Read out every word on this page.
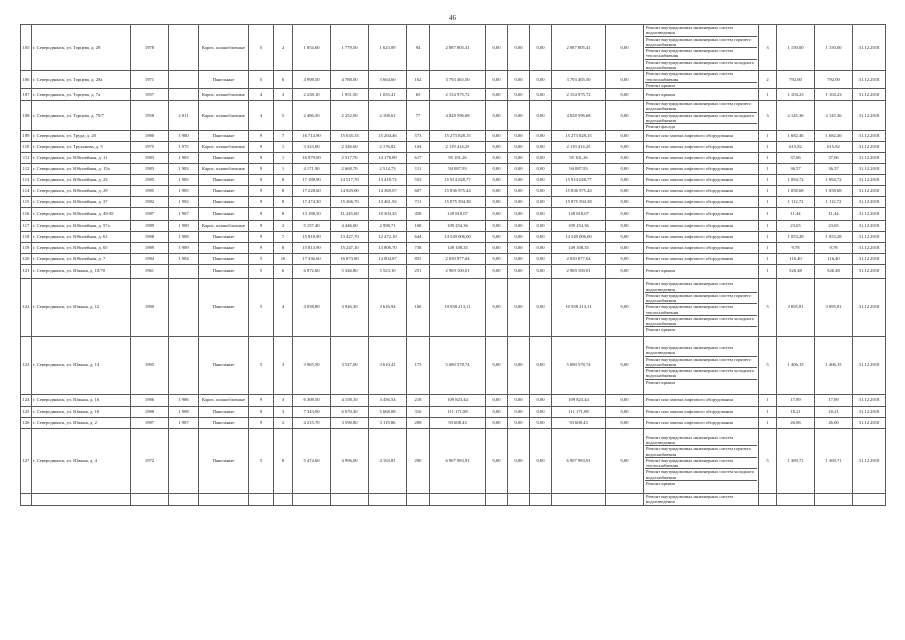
46
105	г. Северодвинск, ул. Торцева, д. 28	1978		Карпс. шлакоблочные	5	2	1 854,60	1 779,50	1 623,89	94	2 087 805,41	0,00	0,00	0,00	2 087 805,41	0,00	Ремонт внутридомовых инженерных систем водоотведения
Ремонт внутридомовых инженерных систем горячего водоснабжения
Ремонт внутридомовых инженерных систем теплоснабжения
Ремонт внутридомовых инженерных систем холодного водоснабжения	3	1 150,00	1 150,00	31.12.2018
106	г. Северодвинск, ул. Торцева, д. 28а	1971		Панельные	5	6	4 998,50	4 788,00	3 664,60	162	3 793 465,50	0,00	0,00	0,00	3 793 465,50	0,00	Ремонт внутридомовых инженерных систем теплоснабжения
Ремонт крыши	2	792,00	792,00	31.12.2018
107	г. Северодвинск, ул. Торцева, д. 7а	1957		Карпс. шлакоблочные	4	3	2 238,10	1 951,50	1 035,41	65	2 154 975,72	0,00	0,00	0,00	2 154 975,72	0,00	Ремонт крыши	1	1 104,23	1 104,23	31.12.2018
108	г. Северодвинск, ул. Торцева, д. 79/7	1958	2 011	Карпс. шлакоблочные	4	5	2 486,50	2 252,00	2 108,61	77	4 828 596,68	0,00	0,00	0,00	4 828 596,68	0,00	Ремонт внутридомовых инженерных систем горячего водоснабжения
Ремонт внутридомовых инженерных систем холодного водоснабжения
Ремонт фасада	3	2 145,36	2 145,36	31.12.2018
109	г. Северодвинск, ул. Труда, д. 20	1980	1 980	Панельные	9	7	16 714,90	15 635,33	15 204,46	573	15 273 828,15	0,00	0,00	0,00	15 273 828,15	0,00	Ремонт или замена лифтового оборудования	1	1 682,46	1 682,46	31.12.2018
110	г. Северодвинск, ул. Труханова, д. 5	1975	1 975	Карпс. шлакоблочные	9	1	3 323,00	2 346,60	2 176,82	104	2 119 414,25	0,00	0,00	0,00	2 119 414,25	0,00	Ремонт или замена лифтового оборудования	1	615,82	615,82	31.12.2018
111	г. Северодвинск, ул. Юбилейная, д. 11	1983	1 983	Панельные	9	1	16 879,00	2 517,70	14 178,89	617	95 101,26	0,00	0,00	0,00	95 101,26	0,00	Ремонт или замена лифтового оборудования	1	37,06	37,06	31.12.2018
112	г. Северодвинск, ул. Юбилейная, д. 15а	1983	1 983	Карпс. шлакоблочные	9	1	4 171,90	2 668,70	2 514,73	111	94 087,93	0,00	0,00	0,00	94 087,93	0,00	Ремонт или замена лифтового оборудования	1	36,57	36,57	31.12.2018
113	г. Северодвинск, ул. Юбилейная, д. 23	1985	1 985	Панельные	9	8	17 188,90	14 517,70	13 418,72	553	15 914 028,77	0,00	0,00	0,00	15 914 028,77	0,00	Ремонт или замена лифтового оборудования	1	1 094,72	1 094,72	31.12.2018
114	г. Северодвинск, ул. Юбилейная, д. 29	1985	1 985	Панельные	9	8	17 228,60	14 929,00	14 369,07	607	15 836 975,44	0,00	0,00	0,00	15 836 975,44	0,00	Ремонт или замена лифтового оборудования	1	1 058,68	1 058,68	31.12.2018
115	г. Северодвинск, ул. Юбилейная, д. 37	1982	1 982	Панельные	9	8	17 474,30	15 266,70	13 461,92	711	15 875 594,38	0,00	0,00	0,00	15 875 594,38	0,00	Ремонт или замена лифтового оборудования	1	1 112,72	1 112,72	31.12.2018
116	г. Северодвинск, ул. Юбилейная, д. 49/45	1987	1 987	Панельные	9	8	13 188,50	11 245,00	10 303,45	458	128 818,07	0,00	0,00	0,00	128 818,07	0,00	Ремонт или замена лифтового оборудования	1	11,44	11,44	31.12.2018
117	г. Северодвинск, ул. Юбилейная, д. 57а	1989	1 989	Карпс. шлакоблочные	9	2	5 157,40	4 446,00	2 998,71	168	109 254,36	0,00	0,00	0,00	109 254,36	0,00	Ремонт или замена лифтового оборудования	1	23,65	23,65	31.12.2018
118	г. Северодвинск, ул. Юбилейная, д. 61	1988	1 988	Панельные	9	7	15 818,90	13 427,70	12 472,10	644	14 549 006,00	0,00	0,00	0,00	14 549 006,00	0,00	Ремонт или замена лифтового оборудования	1	1 053,28	1 053,28	31.12.2018
119	г. Северодвинск, ул. Юбилейная, д. 65	1989	1 989	Панельные	9	8	15 813,90	15 247,10	13 806,70	738	149 108,35	0,00	0,00	0,00	149 108,35	0,00	Ремонт или замена лифтового оборудования	1	9,78	9,78	31.12.2018
120	г. Северодвинск, ул. Юбилейная, д. 7	1984	1 984	Панельные	5	16	17 336,60	16 873,80	14 004,87	855	2 030 877,64	0,00	0,00	0,00	2 030 877,64	0,00	Ремонт или замена лифтового оборудования	1	116,40	116,40	31.12.2018
121	г. Северодвинск, ул. Южная, д. 10/70	1961		Панельные	5	6	6 972,60	5 346,80	5 523,10	251	2 969 100,01	0,00	0,00	0,00	2 969 100,01	0,00	Ремонт крыши	1	526,48	526,48	31.12.2018
122	г. Северодвинск, ул. Южная, д. 12	1990		Панельные	5	4	4 058,80	3 946,30	3 616,94	166	10 938 213,11	0,00	0,00	0,00	10 938 213,11	0,00	Ремонт внутридомовых инженерных систем водоотведения
Ремонт внутридомовых инженерных систем горячего водоснабжения
Ремонт внутридомовых инженерных систем теплоснабжения
Ремонт внутридомовых инженерных систем холодного водоснабжения
Ремонт крыши	5	3 695,81	3 695,81	31.12.2018
123	г. Северодвинск, ул. Южная, д. 14	1995		Панельные	5	3	3 965,50	3 547,00	3 610,41	175	5 680 578,74	0,00	0,00	0,00	5 680 578,74	0,00	Ремонт внутридомовых инженерных систем водоотведения
Ремонт внутридомовых инженерных систем горячего водоснабжения
Ремонт внутридомовых инженерных систем холодного водоснабжения
Ремонт крыши	5	1 406,15	1 406,15	31.12.2018
124	г. Северодвинск, ул. Южная, д. 16	1986	1 986	Карпс. шлакоблочные	9	3	6 308,50	4 158,10	3 456,54	218	109 823,44	0,00	0,00	0,00	109 823,44	0,00	Ремонт или замена лифтового оборудования	1	17,89	17,89	31.12.2018
125	г. Северодвинск, ул. Южная, д. 18	1988	1 988	Панельные	9	3	7 343,00	6 070,30	5 668,08	316	111 171,88	0,00	0,00	0,00	111 171,88	0,00	Ремонт или замена лифтового оборудования	1	18,21	18,21	31.12.2018
126	г. Северодвинск, ул. Южная, д. 2	1987	1 987	Панельные	9	2	4 215,70	3 590,80	3 119,86	208	93 608,43	0,00	0,00	0,00	93 608,43	0,00	Ремонт или замена лифтового оборудования	1	26,06	26,06	31.12.2018
127	г. Северодвинск, ул. Южная, д. 4	1972		Панельные	5	8	5 474,60	4 996,00	4 163,81	290	6 907 983,91	0,00	0,00	0,00	6 907 983,91	0,00	Ремонт внутридомовых инженерных систем водоотведения
Ремонт внутридомовых инженерных систем горячего водоснабжения
Ремонт внутридомовых инженерных систем теплоснабжения
Ремонт внутридомовых инженерных систем холодного водоснабжения
Ремонт крыши	5	1 369,71	1 369,71	31.12.2018

																	Ремонт внутридомовых инженерных систем водоотведения				
